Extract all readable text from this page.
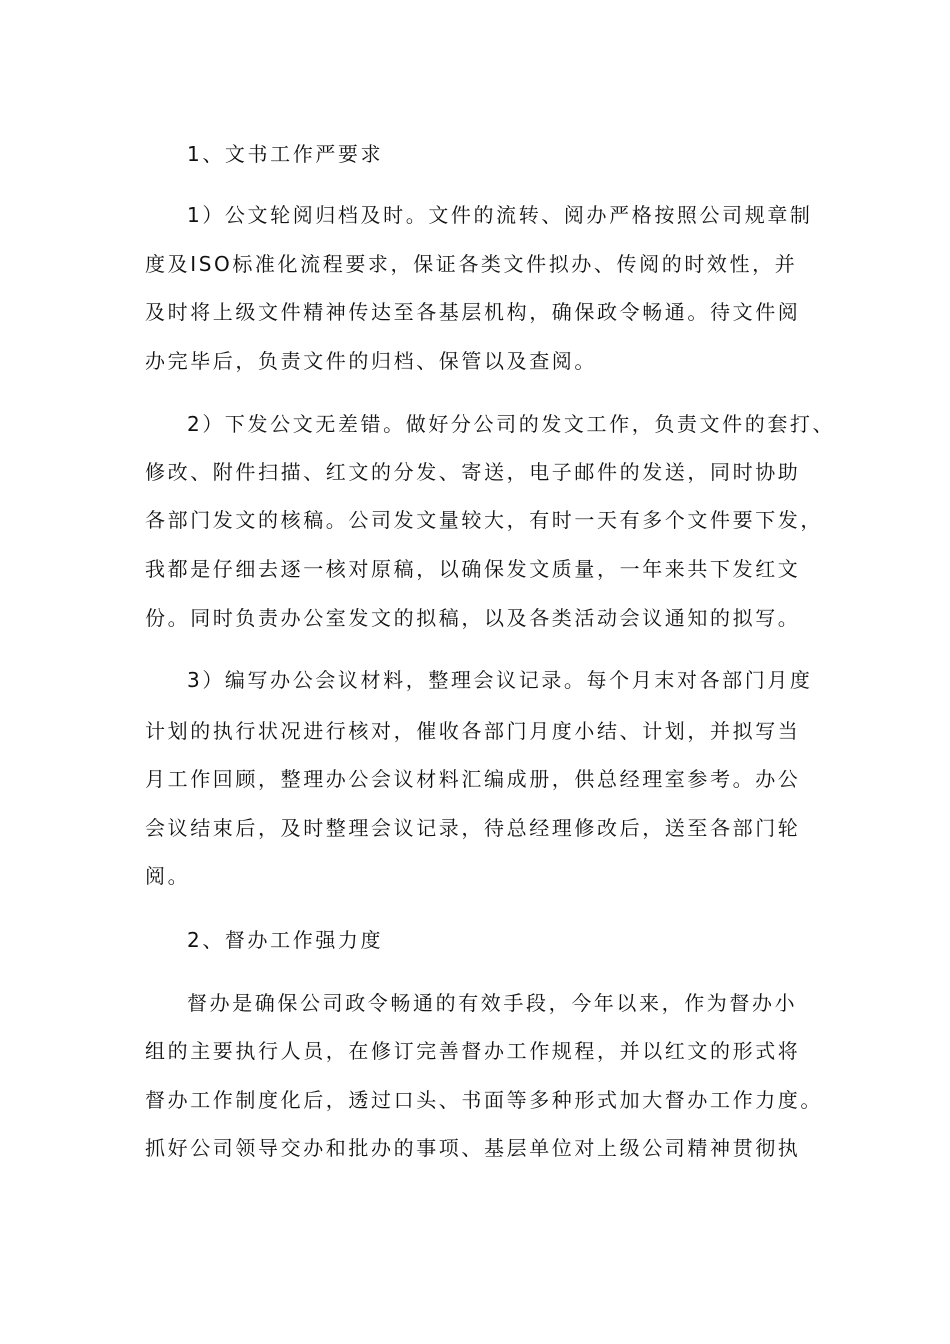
1、文书工作严要求
1）公文轮阅归档及时。文件的流转、阅办严格按照公司规章制
度及ISO标准化流程要求，保证各类文件拟办、传阅的时效性，并
及时将上级文件精神传达至各基层机构，确保政令畅通。待文件阅
办完毕后，负责文件的归档、保管以及查阅。
2）下发公文无差错。做好分公司的发文工作，负责文件的套打、
修改、附件扫描、红文的分发、寄送，电子邮件的发送，同时协助
各部门发文的核稿。公司发文量较大，有时一天有多个文件要下发，
我都是仔细去逐一核对原稿，以确保发文质量，一年来共下发红文
份。同时负责办公室发文的拟稿，以及各类活动会议通知的拟写。
3）编写办公会议材料，整理会议记录。每个月末对各部门月度
计划的执行状况进行核对，催收各部门月度小结、计划，并拟写当
月工作回顾，整理办公会议材料汇编成册，供总经理室参考。办公
会议结束后，及时整理会议记录，待总经理修改后，送至各部门轮
阅。
2、督办工作强力度
督办是确保公司政令畅通的有效手段，今年以来，作为督办小
组的主要执行人员，在修订完善督办工作规程，并以红文的形式将
督办工作制度化后，透过口头、书面等多种形式加大督办工作力度。
抓好公司领导交办和批办的事项、基层单位对上级公司精神贯彻执
